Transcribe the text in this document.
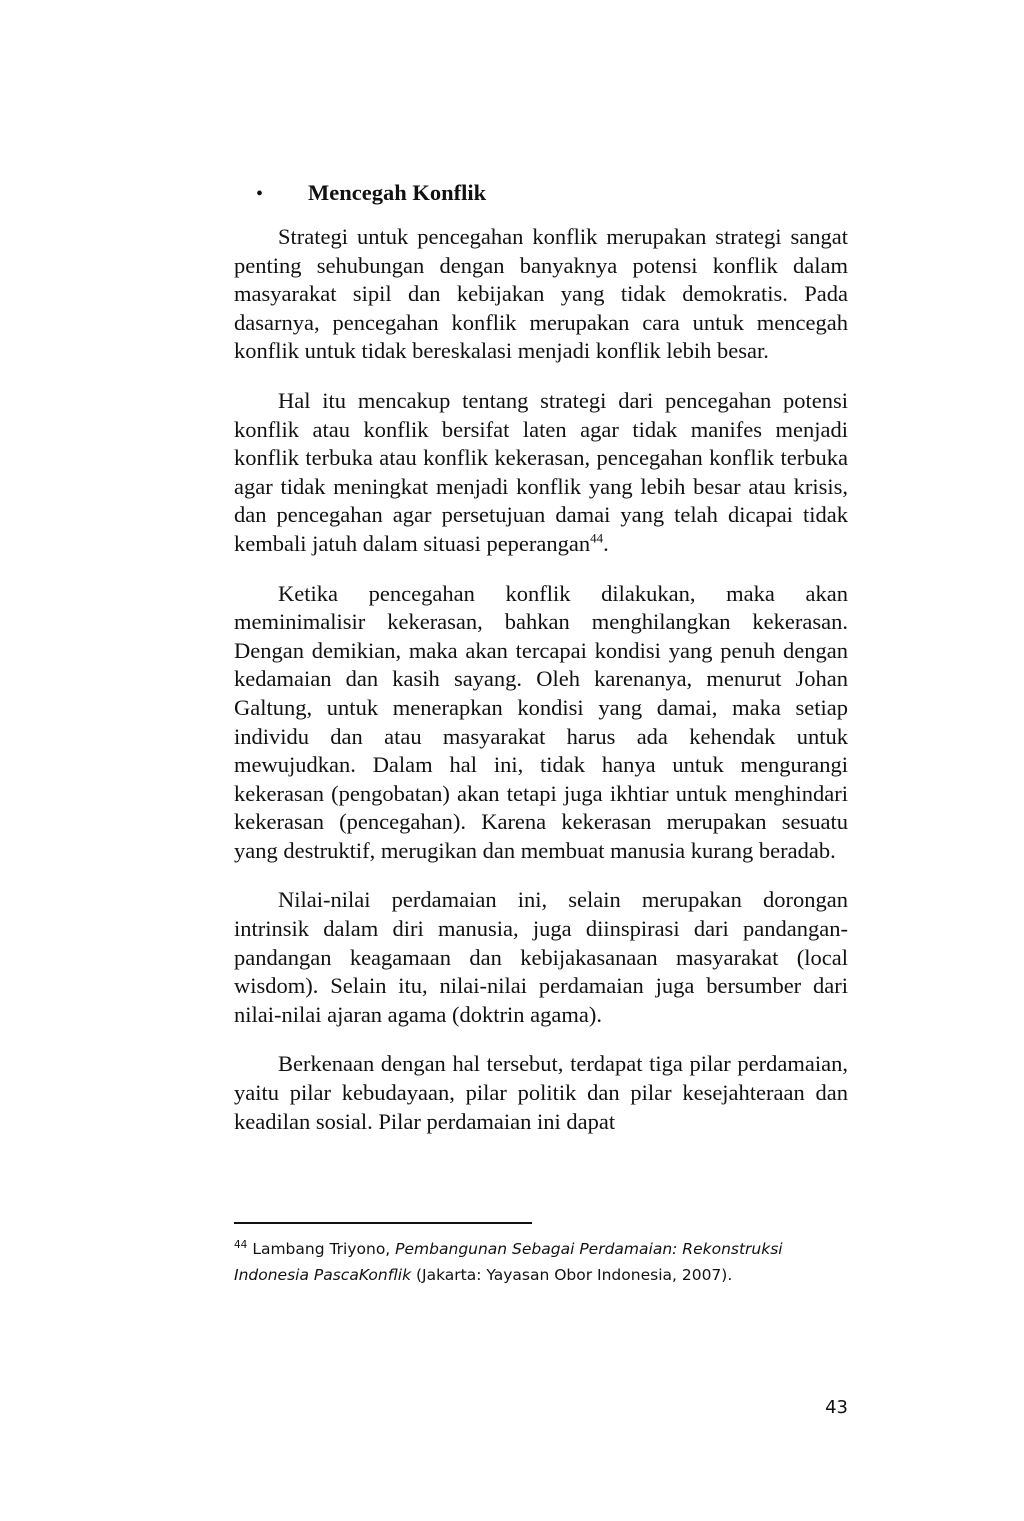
• Mencegah Konflik

Strategi untuk pencegahan konflik merupakan strategi sangat penting sehubungan dengan banyaknya potensi konflik dalam masyarakat sipil dan kebijakan yang tidak demokratis. Pada dasarnya, pencegahan konflik merupakan cara untuk mencegah konflik untuk tidak bereskalasi menjadi konflik lebih besar.

Hal itu mencakup tentang strategi dari pencegahan potensi konflik atau konflik bersifat laten agar tidak manifes menjadi konflik terbuka atau konflik kekerasan, pencegahan konflik terbuka agar tidak meningkat menjadi konflik yang lebih besar atau krisis, dan pencegahan agar persetujuan damai yang telah dicapai tidak kembali jatuh dalam situasi peperangan$^{44}$.

Ketika pencegahan konflik dilakukan, maka akan meminimalisir kekerasan, bahkan menghilangkan kekerasan. Dengan demikian, maka akan tercapai kondisi yang penuh dengan kedamaian dan kasih sayang. Oleh karenanya, menurut Johan Galtung, untuk menerapkan kondisi yang damai, maka setiap individu dan atau masyarakat harus ada kehendak untuk mewujudkan. Dalam hal ini, tidak hanya untuk mengurangi kekerasan (pengobatan) akan tetapi juga ikhtiar untuk menghindari kekerasan (pencegahan). Karena kekerasan merupakan sesuatu yang destruktif, merugikan dan membuat manusia kurang beradab.

Nilai-nilai perdamaian ini, selain merupakan dorongan intrinsik dalam diri manusia, juga diinspirasi dari pandangan-pandangan keagamaan dan kebijakasanaan masyarakat (local wisdom). Selain itu, nilai-nilai perdamaian juga bersumber dari nilai-nilai ajaran agama (doktrin agama).

Berkenaan dengan hal tersebut, terdapat tiga pilar perdamaian, yaitu pilar kebudayaan, pilar politik dan pilar kesejahteraan dan keadilan sosial. Pilar perdamaian ini dapat

$^{44}$ Lambang Triyono, Pembangunan Sebagai Perdamaian: Rekonstruksi Indonesia PascaKonflik (Jakarta: Yayasan Obor Indonesia, 2007).
43
